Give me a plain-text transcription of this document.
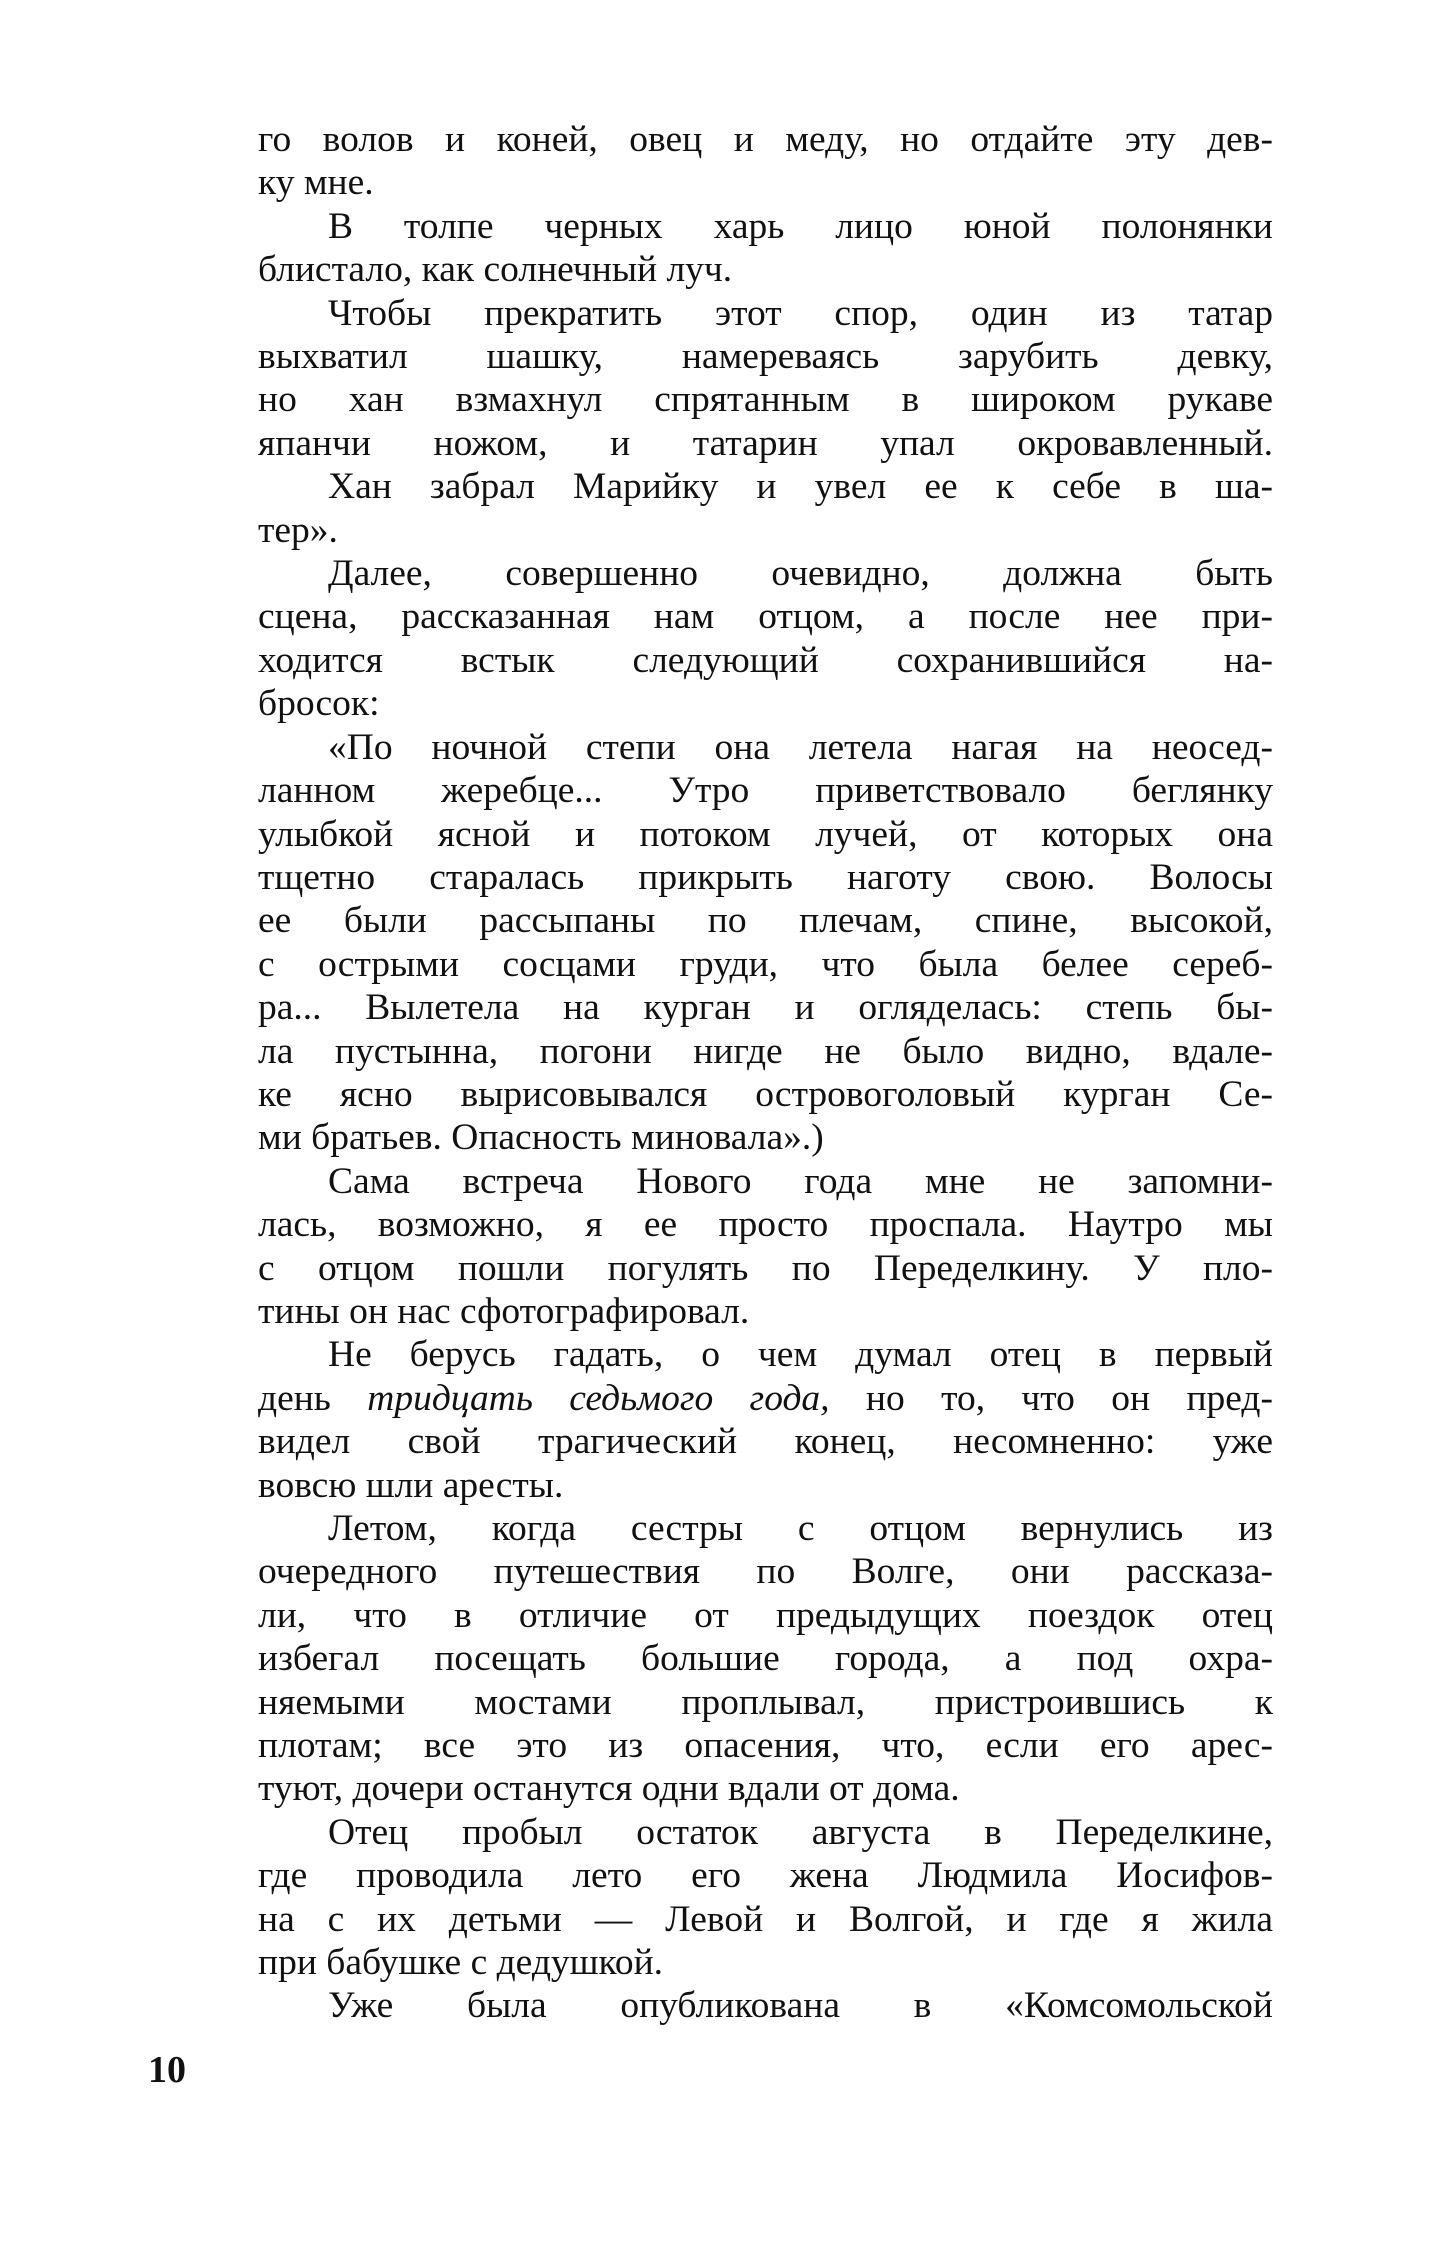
го волов и коней, овец и меду, но отдайте эту дев-
ку мне.
В толпе черных харь лицо юной полонянки
блистало, как солнечный луч.
Чтобы прекратить этот спор, один из татар
выхватил шашку, намереваясь зарубить девку,
но хан взмахнул спрятанным в широком рукаве
япанчи ножом, и татарин упал окровавленный.
Хан забрал Марийку и увел ее к себе в ша-
тер».
Далее, совершенно очевидно, должна быть
сцена, рассказанная нам отцом, а после нее при-
ходится встык следующий сохранившийся на-
бросок:
«По ночной степи она летела нагая на неосед-
ланном жеребце... Утро приветствовало беглянку
улыбкой ясной и потоком лучей, от которых она
тщетно старалась прикрыть наготу свою. Волосы
ее были рассыпаны по плечам, спине, высокой,
с острыми сосцами груди, что была белее сереб-
ра... Вылетела на курган и огляделась: степь бы-
ла пустынна, погони нигде не было видно, вдале-
ке ясно вырисовывался островоголовый курган Се-
ми братьев. Опасность миновала».)
Сама встреча Нового года мне не запомни-
лась, возможно, я ее просто проспала. Наутро мы
с отцом пошли погулять по Переделкину. У пло-
тины он нас сфотографировал.
Не берусь гадать, о чем думал отец в первый
день тридцать седьмого года, но то, что он пред-
видел свой трагический конец, несомненно: уже
вовсю шли аресты.
Летом, когда сестры с отцом вернулись из
очередного путешествия по Волге, они рассказа-
ли, что в отличие от предыдущих поездок отец
избегал посещать большие города, а под охра-
няемыми мостами проплывал, пристроившись к
плотам; все это из опасения, что, если его арес-
туют, дочери останутся одни вдали от дома.
Отец пробыл остаток августа в Переделкине,
где проводила лето его жена Людмила Иосифов-
на с их детьми — Левой и Волгой, и где я жила
при бабушке с дедушкой.
Уже была опубликована в «Комсомольской
10
